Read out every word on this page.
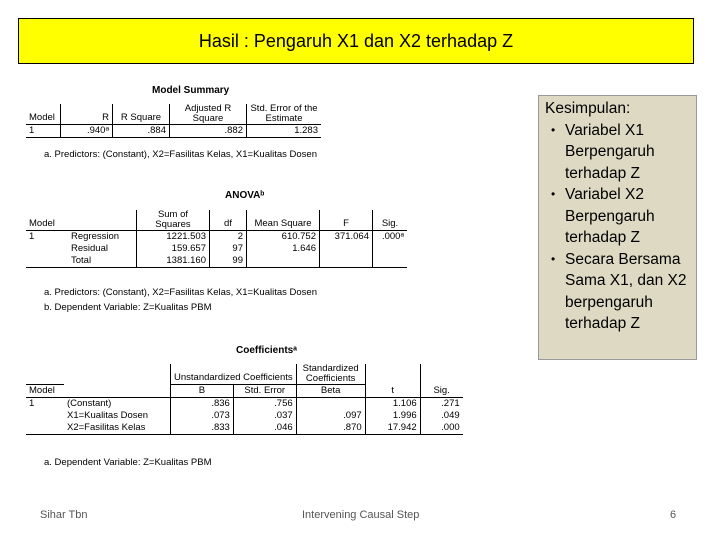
Hasil : Pengaruh X1 dan X2 terhadap Z
Model Summary
Model	R	R Square	Adjusted R Square	Std. Error of the Estimate
1	.940ᵃ	.884	.882	1.283
a. Predictors: (Constant), X2=Fasilitas Kelas, X1=Kualitas Dosen
ANOVAᵇ
Model		Sum of Squares	df	Mean Square	F	Sig.
1	Regression	1221.503	2	610.752	371.064	.000ᵃ
	Residual	159.657	97	1.646		
	Total	1381.160	99			
a. Predictors: (Constant), X2=Fasilitas Kelas, X1=Kualitas Dosen
b. Dependent Variable: Z=Kualitas PBM
Coefficientsᵃ
		Unstandardized Coefficients		Standardized Coefficients		
Model		B	Std. Error	Beta	t	Sig.
1	(Constant)	.836	.756		1.106	.271
	X1=Kualitas Dosen	.073	.037	.097	1.996	.049
	X2=Fasilitas Kelas	.833	.046	.870	17.942	.000
a. Dependent Variable: Z=Kualitas PBM
Kesimpulan:
• Variabel X1 Berpengaruh terhadap Z
• Variabel X2 Berpengaruh terhadap Z
• Secara Bersama Sama X1, dan X2 berpengaruh terhadap Z
Sihar Tbn	Intervening Causal Step	6
